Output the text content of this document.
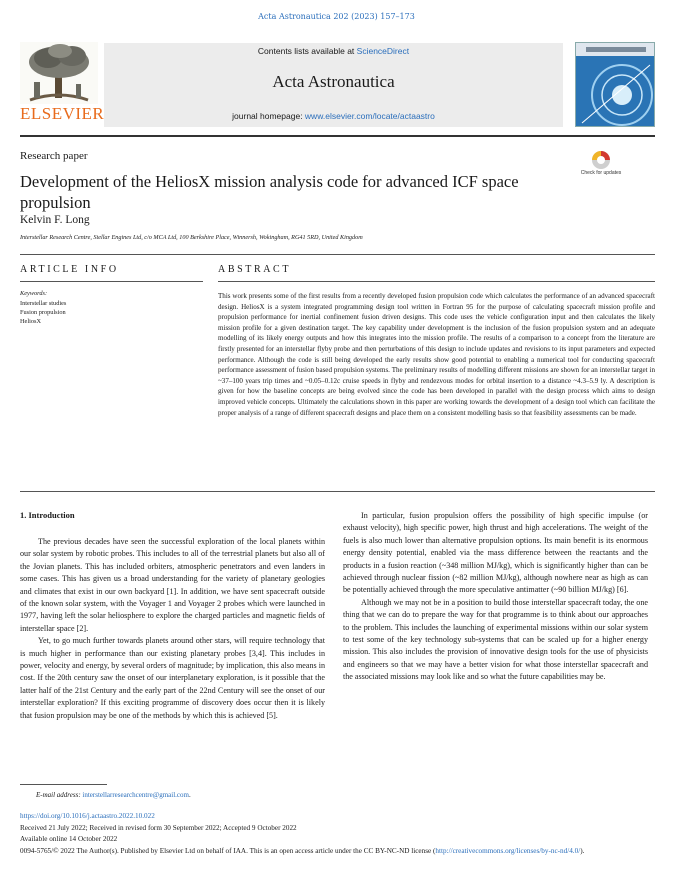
Acta Astronautica 202 (2023) 157–173
ELSEVIER
Contents lists available at ScienceDirect
Acta Astronautica
journal homepage: www.elsevier.com/locate/actaastro
Research paper
Check for updates
Development of the HeliosX mission analysis code for advanced ICF space propulsion
Kelvin F. Long
Interstellar Research Centre, Stellar Engines Ltd, c/o MCA Ltd, 100 Berkshire Place, Winnersh, Wokingham, RG41 5RD, United Kingdom
ARTICLE INFO	ABSTRACT
Keywords:
Interstellar studies
Fusion propulsion
HeliosX
This work presents some of the first results from a recently developed fusion propulsion code which calculates the performance of an advanced spacecraft design. HeliosX is a system integrated programming design tool written in Fortran 95 for the purpose of calculating spacecraft mission profile and propulsion performance for inertial confinement fusion driven designs. This code uses the vehicle configuration input and then calculates the likely mission profile for a given destination target. The key capability under development is the inclusion of the fusion propulsion system and an adequate modelling of its likely energy outputs and how this integrates into the mission profile. The results of a comparison to a concept from the literature are firstly presented for an interstellar flyby probe and then perturbations of this design to include updates and revisions to its input parameters and expected performance. Although the code is still being developed the early results show good potential to enabling a numerical tool for conducting spacecraft performance assessment of fusion based propulsion systems. The preliminary results of modelling different missions are shown for an interstellar target in ~37–100 years trip times and ~0.05–0.12c cruise speeds in flyby and rendezvous modes for orbital insertion to a distance ~4.3–5.9 ly. A description is given for how the baseline concepts are being evolved since the code has been developed in parallel with the design process which aims to design improved vehicle concepts. Ultimately the calculations shown in this paper are working towards the development of a design tool which can facilitate the proper analysis of a range of different spacecraft designs and place them on a consistent modelling basis so that feasibility assessments can be made.
1. Introduction

The previous decades have seen the successful exploration of the local planets within our solar system by robotic probes. This includes to all of the terrestrial planets but also all of the Jovian planets. This has included orbiters, atmospheric penetrators and even landers in some cases. This has given us a broad understanding for the variety of planetary geologies and climates that exist in our own backyard [1]. In addition, we have sent spacecraft outside of the known solar system, with the Voyager 1 and Voyager 2 probes which were launched in 1977, having left the solar heliosphere to explore the charged particles and magnetic fields of interstellar space [2].

Yet, to go much further towards planets around other stars, will require technology that is much higher in performance than our existing planetary probes [3,4]. This includes in power, velocity and energy, by several orders of magnitude; by implication, this also means in cost. If the 20th century saw the onset of our interplanetary exploration, is it possible that the latter half of the 21st Century and the early part of the 22nd Century will see the onset of our interstellar exploration? If this exciting programme of discovery does occur then it is likely that fusion propulsion may be one of the methods by which this is achieved [5].

In particular, fusion propulsion offers the possibility of high specific impulse (or exhaust velocity), high specific power, high thrust and high accelerations. The weight of the fuels is also much lower than alternative propulsion options. Its main benefit is its enormous energy density potential, enabled via the mass difference between the reactants and the products in a fusion reaction (~348 million MJ/kg), which is significantly higher than can be achieved through nuclear fission (~82 million MJ/kg), although nowhere near as high as can be potentially achieved through the more speculative antimatter (~90 billion MJ/kg) [6].

Although we may not be in a position to build those interstellar spacecraft today, the one thing that we can do to prepare the way for that programme is to think about our approaches to the problem. This includes the launching of experimental missions within our solar system to test some of the key technology sub-systems that can be scaled up for a higher energy mission. This also includes the provision of innovative design tools for the use of physicists and engineers so that we may have a better vision for what those interstellar spacecraft and the associated missions may look like and so what the future capabilities may be.

E-mail address: interstellarresearchcentre@gmail.com.
https://doi.org/10.1016/j.actaastro.2022.10.022
Received 21 July 2022; Received in revised form 30 September 2022; Accepted 9 October 2022
Available online 14 October 2022
0094-5765/© 2022 The Author(s). Published by Elsevier Ltd on behalf of IAA. This is an open access article under the CC BY-NC-ND license (http://creativecommons.org/licenses/by-nc-nd/4.0/).
